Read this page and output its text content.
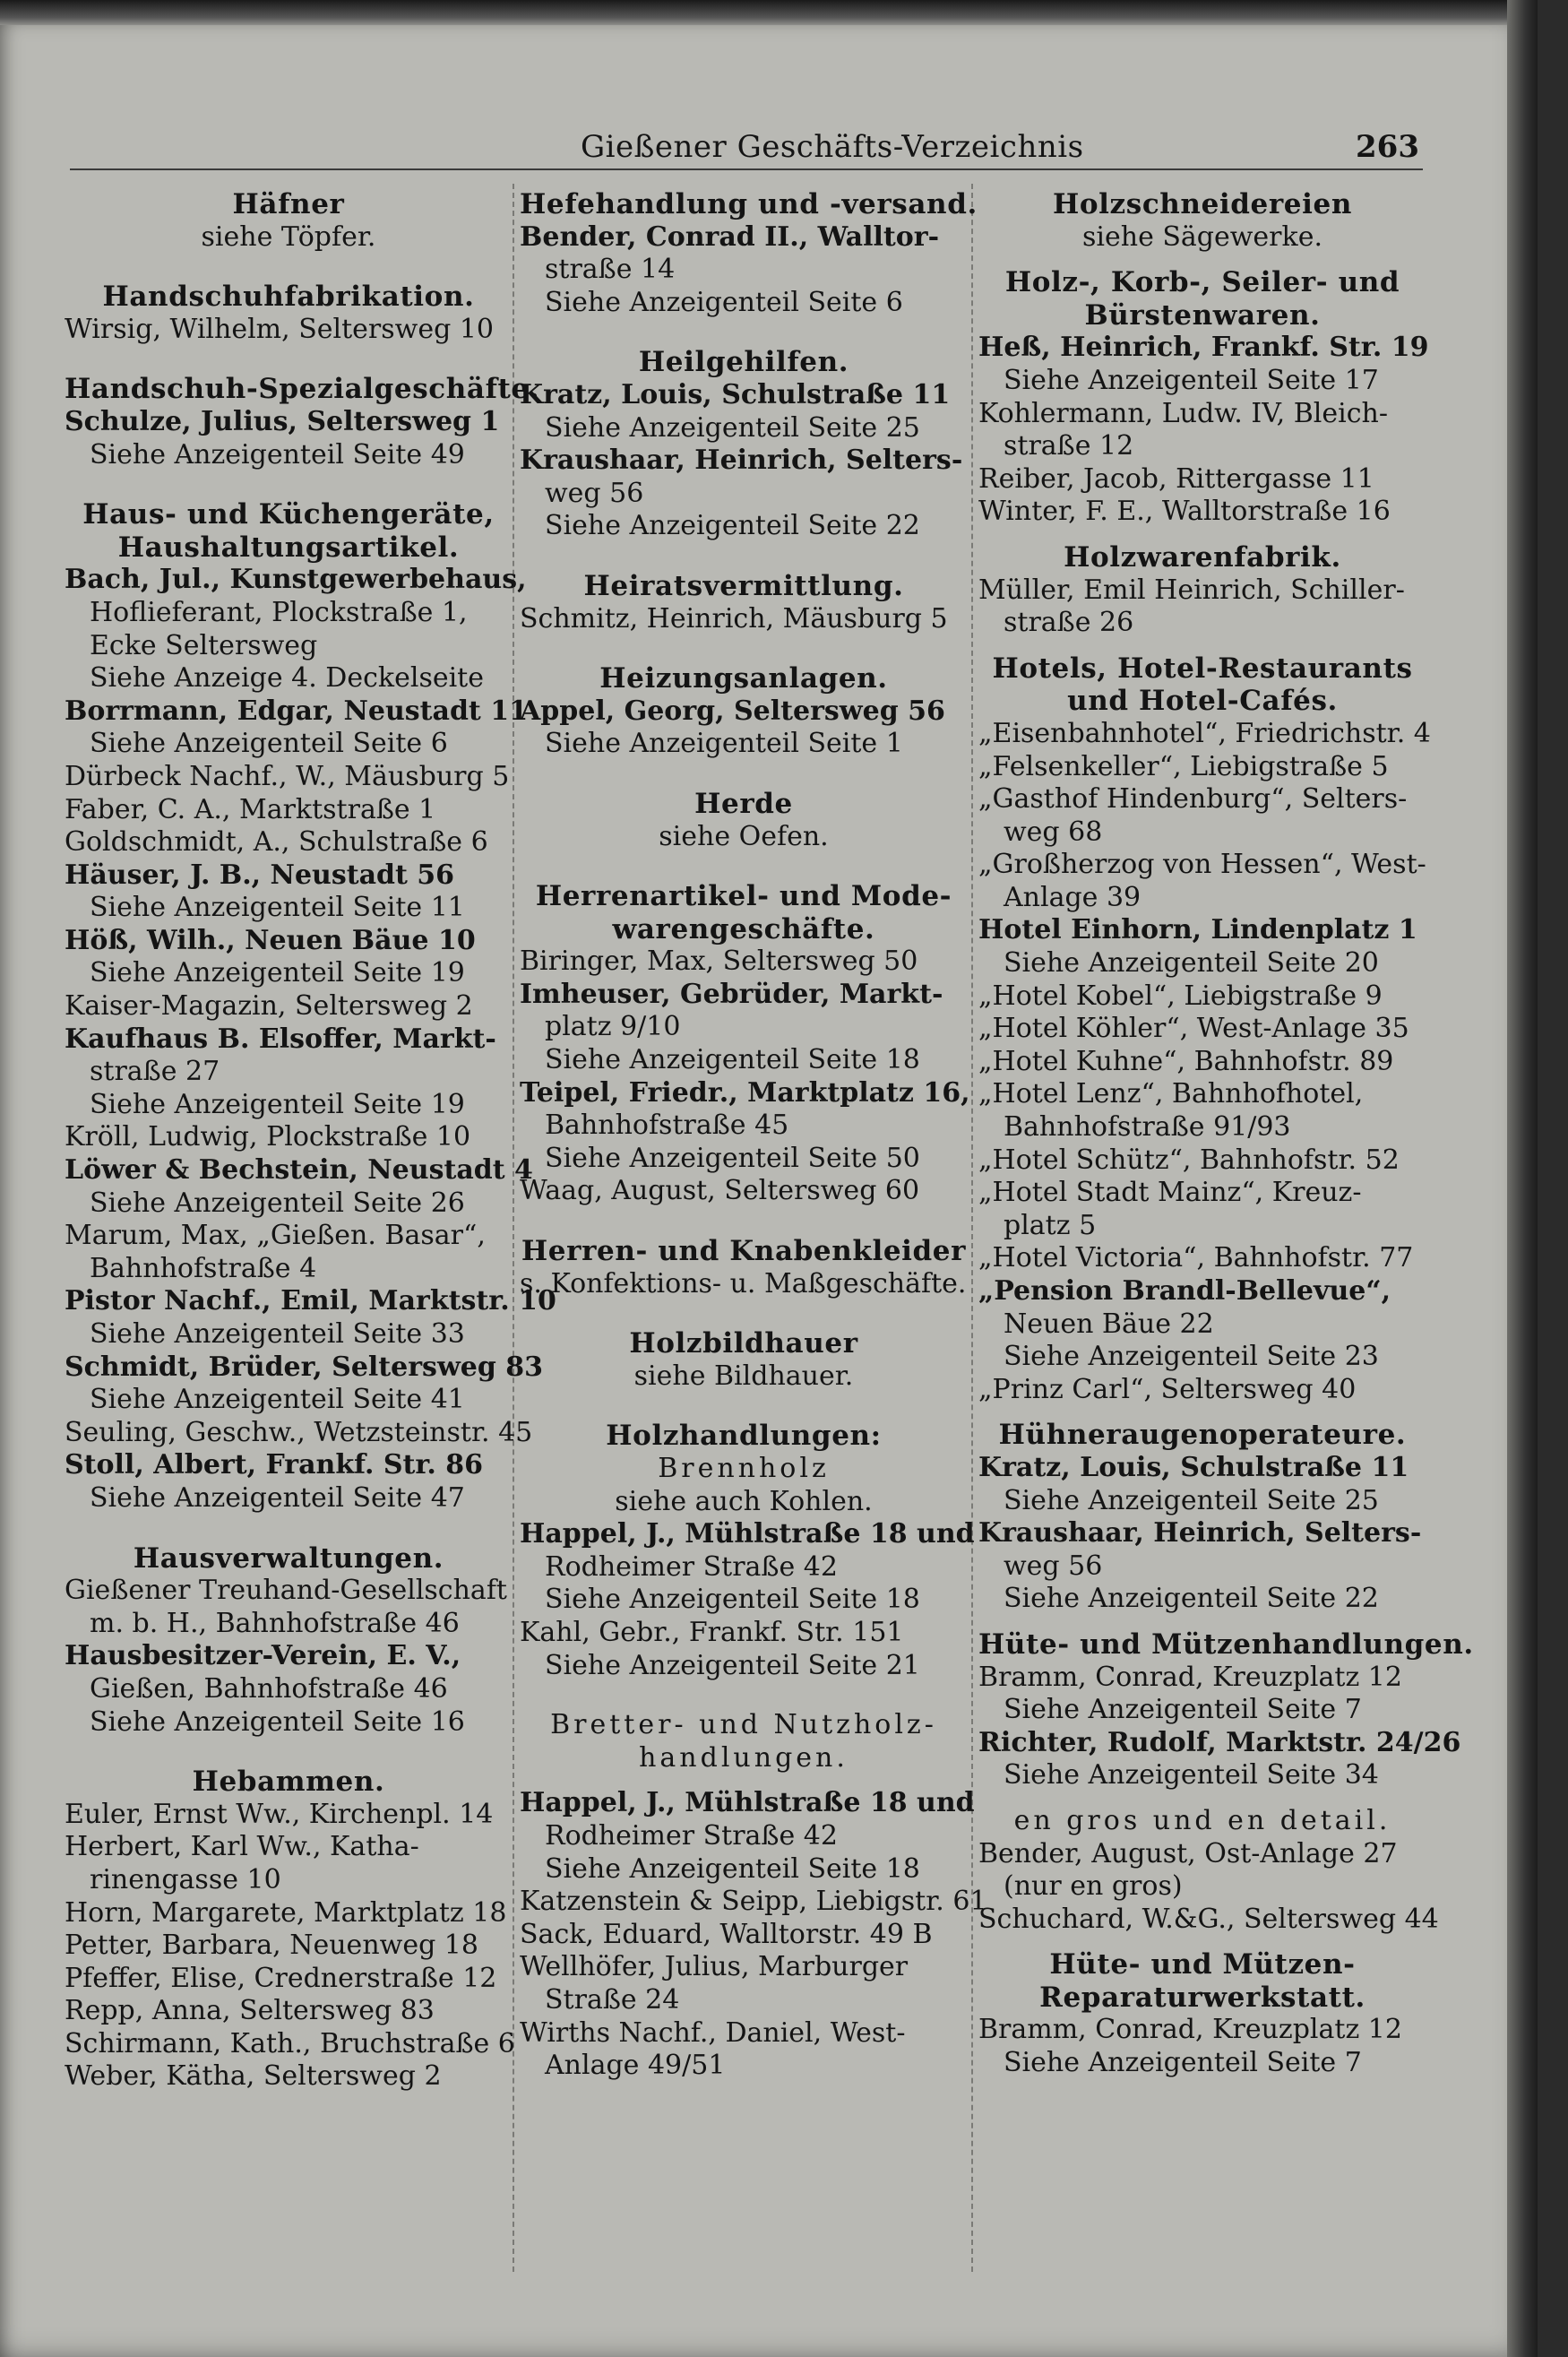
Gießener Geschäfts-Verzeichnis	263

Häfner

siehe Töpfer.

Handschuhfabrikation.

Wirsig, Wilhelm, Seltersweg 10

Handschuh-Spezialgeschäfte.

Schulze, Julius, Seltersweg 1

Siehe Anzeigenteil Seite 49

Haus- und Küchengeräte,

Haushaltungsartikel.

Bach, Jul., Kunstgewerbehaus,

Hoflieferant, Plockstraße 1,

Ecke Seltersweg

Siehe Anzeige 4. Deckelseite

Borrmann, Edgar, Neustadt 11

Siehe Anzeigenteil Seite 6

Dürbeck Nachf., W., Mäusburg 5

Faber, C. A., Marktstraße 1

Goldschmidt, A., Schulstraße 6

Häuser, J. B., Neustadt 56

Siehe Anzeigenteil Seite 11

Höß, Wilh., Neuen Bäue 10

Siehe Anzeigenteil Seite 19

Kaiser-Magazin, Seltersweg 2

Kaufhaus B. Elsoffer, Markt-

straße 27

Siehe Anzeigenteil Seite 19

Kröll, Ludwig, Plockstraße 10

Löwer & Bechstein, Neustadt 4

Siehe Anzeigenteil Seite 26

Marum, Max, „Gießen. Basar“,

Bahnhofstraße 4

Pistor Nachf., Emil, Marktstr. 10

Siehe Anzeigenteil Seite 33

Schmidt, Brüder, Seltersweg 83

Siehe Anzeigenteil Seite 41

Seuling, Geschw., Wetzsteinstr. 45

Stoll, Albert, Frankf. Str. 86

Siehe Anzeigenteil Seite 47

Hausverwaltungen.

Gießener Treuhand-Gesellschaft

m. b. H., Bahnhofstraße 46

Hausbesitzer-Verein, E. V.,

Gießen, Bahnhofstraße 46

Siehe Anzeigenteil Seite 16

Hebammen.

Euler, Ernst Ww., Kirchenpl. 14

Herbert, Karl Ww., Katha-

rinengasse 10

Horn, Margarete, Marktplatz 18

Petter, Barbara, Neuenweg 18

Pfeffer, Elise, Crednerstraße 12

Repp, Anna, Seltersweg 83

Schirmann, Kath., Bruchstraße 6

Weber, Kätha, Seltersweg 2

Hefehandlung und -versand.

Bender, Conrad II., Walltor-

straße 14

Siehe Anzeigenteil Seite 6

Heilgehilfen.

Kratz, Louis, Schulstraße 11

Siehe Anzeigenteil Seite 25

Kraushaar, Heinrich, Selters-

weg 56

Siehe Anzeigenteil Seite 22

Heiratsvermittlung.

Schmitz, Heinrich, Mäusburg 5

Heizungsanlagen.

Appel, Georg, Seltersweg 56

Siehe Anzeigenteil Seite 1

Herde

siehe Oefen.

Herrenartikel- und Mode-

warengeschäfte.

Biringer, Max, Seltersweg 50

Imheuser, Gebrüder, Markt-

platz 9/10

Siehe Anzeigenteil Seite 18

Teipel, Friedr., Marktplatz 16,

Bahnhofstraße 45

Siehe Anzeigenteil Seite 50

Waag, August, Seltersweg 60

Herren- und Knabenkleider

s. Konfektions- u. Maßgeschäfte.

Holzbildhauer

siehe Bildhauer.

Holzhandlungen:

Brennholz

siehe auch Kohlen.

Happel, J., Mühlstraße 18 und

Rodheimer Straße 42

Siehe Anzeigenteil Seite 18

Kahl, Gebr., Frankf. Str. 151

Siehe Anzeigenteil Seite 21

Bretter- und Nutzholz-

handlungen.

Happel, J., Mühlstraße 18 und

Rodheimer Straße 42

Siehe Anzeigenteil Seite 18

Katzenstein & Seipp, Liebigstr. 61

Sack, Eduard, Walltorstr. 49 B

Wellhöfer, Julius, Marburger

Straße 24

Wirths Nachf., Daniel, West-

Anlage 49/51

Holzschneidereien

siehe Sägewerke.

Holz-, Korb-, Seiler- und

Bürstenwaren.

Heß, Heinrich, Frankf. Str. 19

Siehe Anzeigenteil Seite 17

Kohlermann, Ludw. IV, Bleich-

straße 12

Reiber, Jacob, Rittergasse 11

Winter, F. E., Walltorstraße 16

Holzwarenfabrik.

Müller, Emil Heinrich, Schiller-

straße 26

Hotels, Hotel-Restaurants

und Hotel-Cafés.

„Eisenbahnhotel“, Friedrichstr. 4

„Felsenkeller“, Liebigstraße 5

„Gasthof Hindenburg“, Selters-

weg 68

„Großherzog von Hessen“, West-

Anlage 39

Hotel Einhorn, Lindenplatz 1

Siehe Anzeigenteil Seite 20

„Hotel Kobel“, Liebigstraße 9

„Hotel Köhler“, West-Anlage 35

„Hotel Kuhne“, Bahnhofstr. 89

„Hotel Lenz“, Bahnhofhotel,

Bahnhofstraße 91/93

„Hotel Schütz“, Bahnhofstr. 52

„Hotel Stadt Mainz“, Kreuz-

platz 5

„Hotel Victoria“, Bahnhofstr. 77

„Pension Brandl-Bellevue“,

Neuen Bäue 22

Siehe Anzeigenteil Seite 23

„Prinz Carl“, Seltersweg 40

Hühneraugenoperateure.

Kratz, Louis, Schulstraße 11

Siehe Anzeigenteil Seite 25

Kraushaar, Heinrich, Selters-

weg 56

Siehe Anzeigenteil Seite 22

Hüte- und Mützenhandlungen.

Bramm, Conrad, Kreuzplatz 12

Siehe Anzeigenteil Seite 7

Richter, Rudolf, Marktstr. 24/26

Siehe Anzeigenteil Seite 34

en gros und en detail.

Bender, August, Ost-Anlage 27

(nur en gros)

Schuchard, W.&G., Seltersweg 44

Hüte- und Mützen-

Reparaturwerkstatt.

Bramm, Conrad, Kreuzplatz 12

Siehe Anzeigenteil Seite 7
